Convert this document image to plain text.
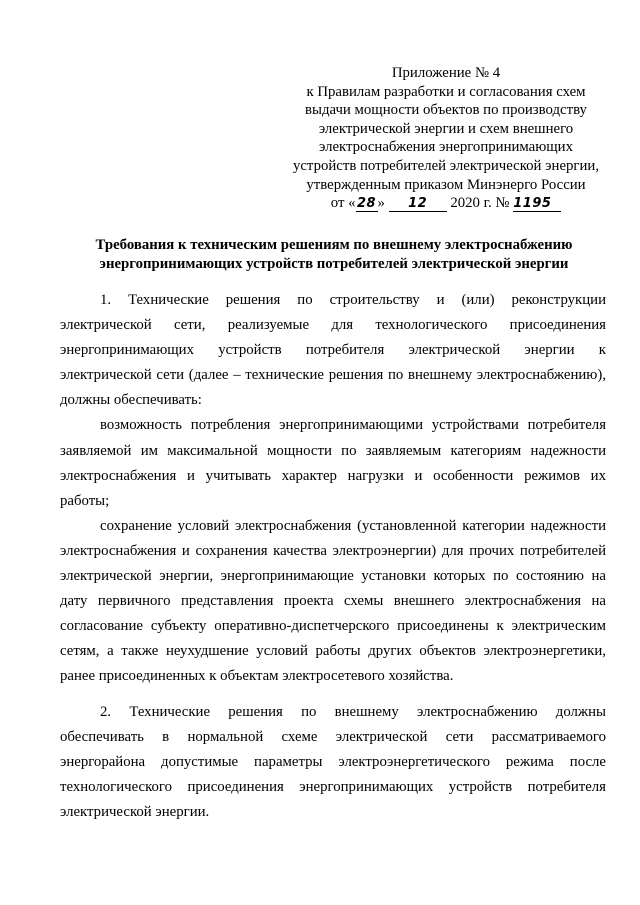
Приложение № 4
к Правилам разработки и согласования схем
выдачи мощности объектов по производству
электрической энергии и схем внешнего
электроснабжения энергопринимающих
устройств потребителей электрической энергии,
утвержденным приказом Минэнерго России
от «28» 12 2020 г. № 1195
Требования к техническим решениям по внешнему электроснабжению
энергопринимающих устройств потребителей электрической энергии
1. Технические решения по строительству и (или) реконструкции
электрической сети, реализуемые для технологического присоединения
энергопринимающих устройств потребителя электрической энергии к
электрической сети (далее – технические решения по внешнему электроснабжению),
должны обеспечивать:
возможность потребления энергопринимающими устройствами потребителя
заявляемой им максимальной мощности по заявляемым категориям надежности
электроснабжения и учитывать характер нагрузки и особенности режимов их
работы;
сохранение условий электроснабжения (установленной категории надежности
электроснабжения и сохранения качества электроэнергии) для прочих потребителей
электрической энергии, энергопринимающие установки которых по состоянию на
дату первичного представления проекта схемы внешнего электроснабжения на
согласование субъекту оперативно-диспетчерского присоединены к электрическим
сетям, а также неухудшение условий работы других объектов электроэнергетики,
ранее присоединенных к объектам электросетевого хозяйства.
2. Технические решения по внешнему электроснабжению должны
обеспечивать в нормальной схеме электрической сети рассматриваемого
энергорайона допустимые параметры электроэнергетического режима после
технологического присоединения энергопринимающих устройств потребителя
электрической энергии.
